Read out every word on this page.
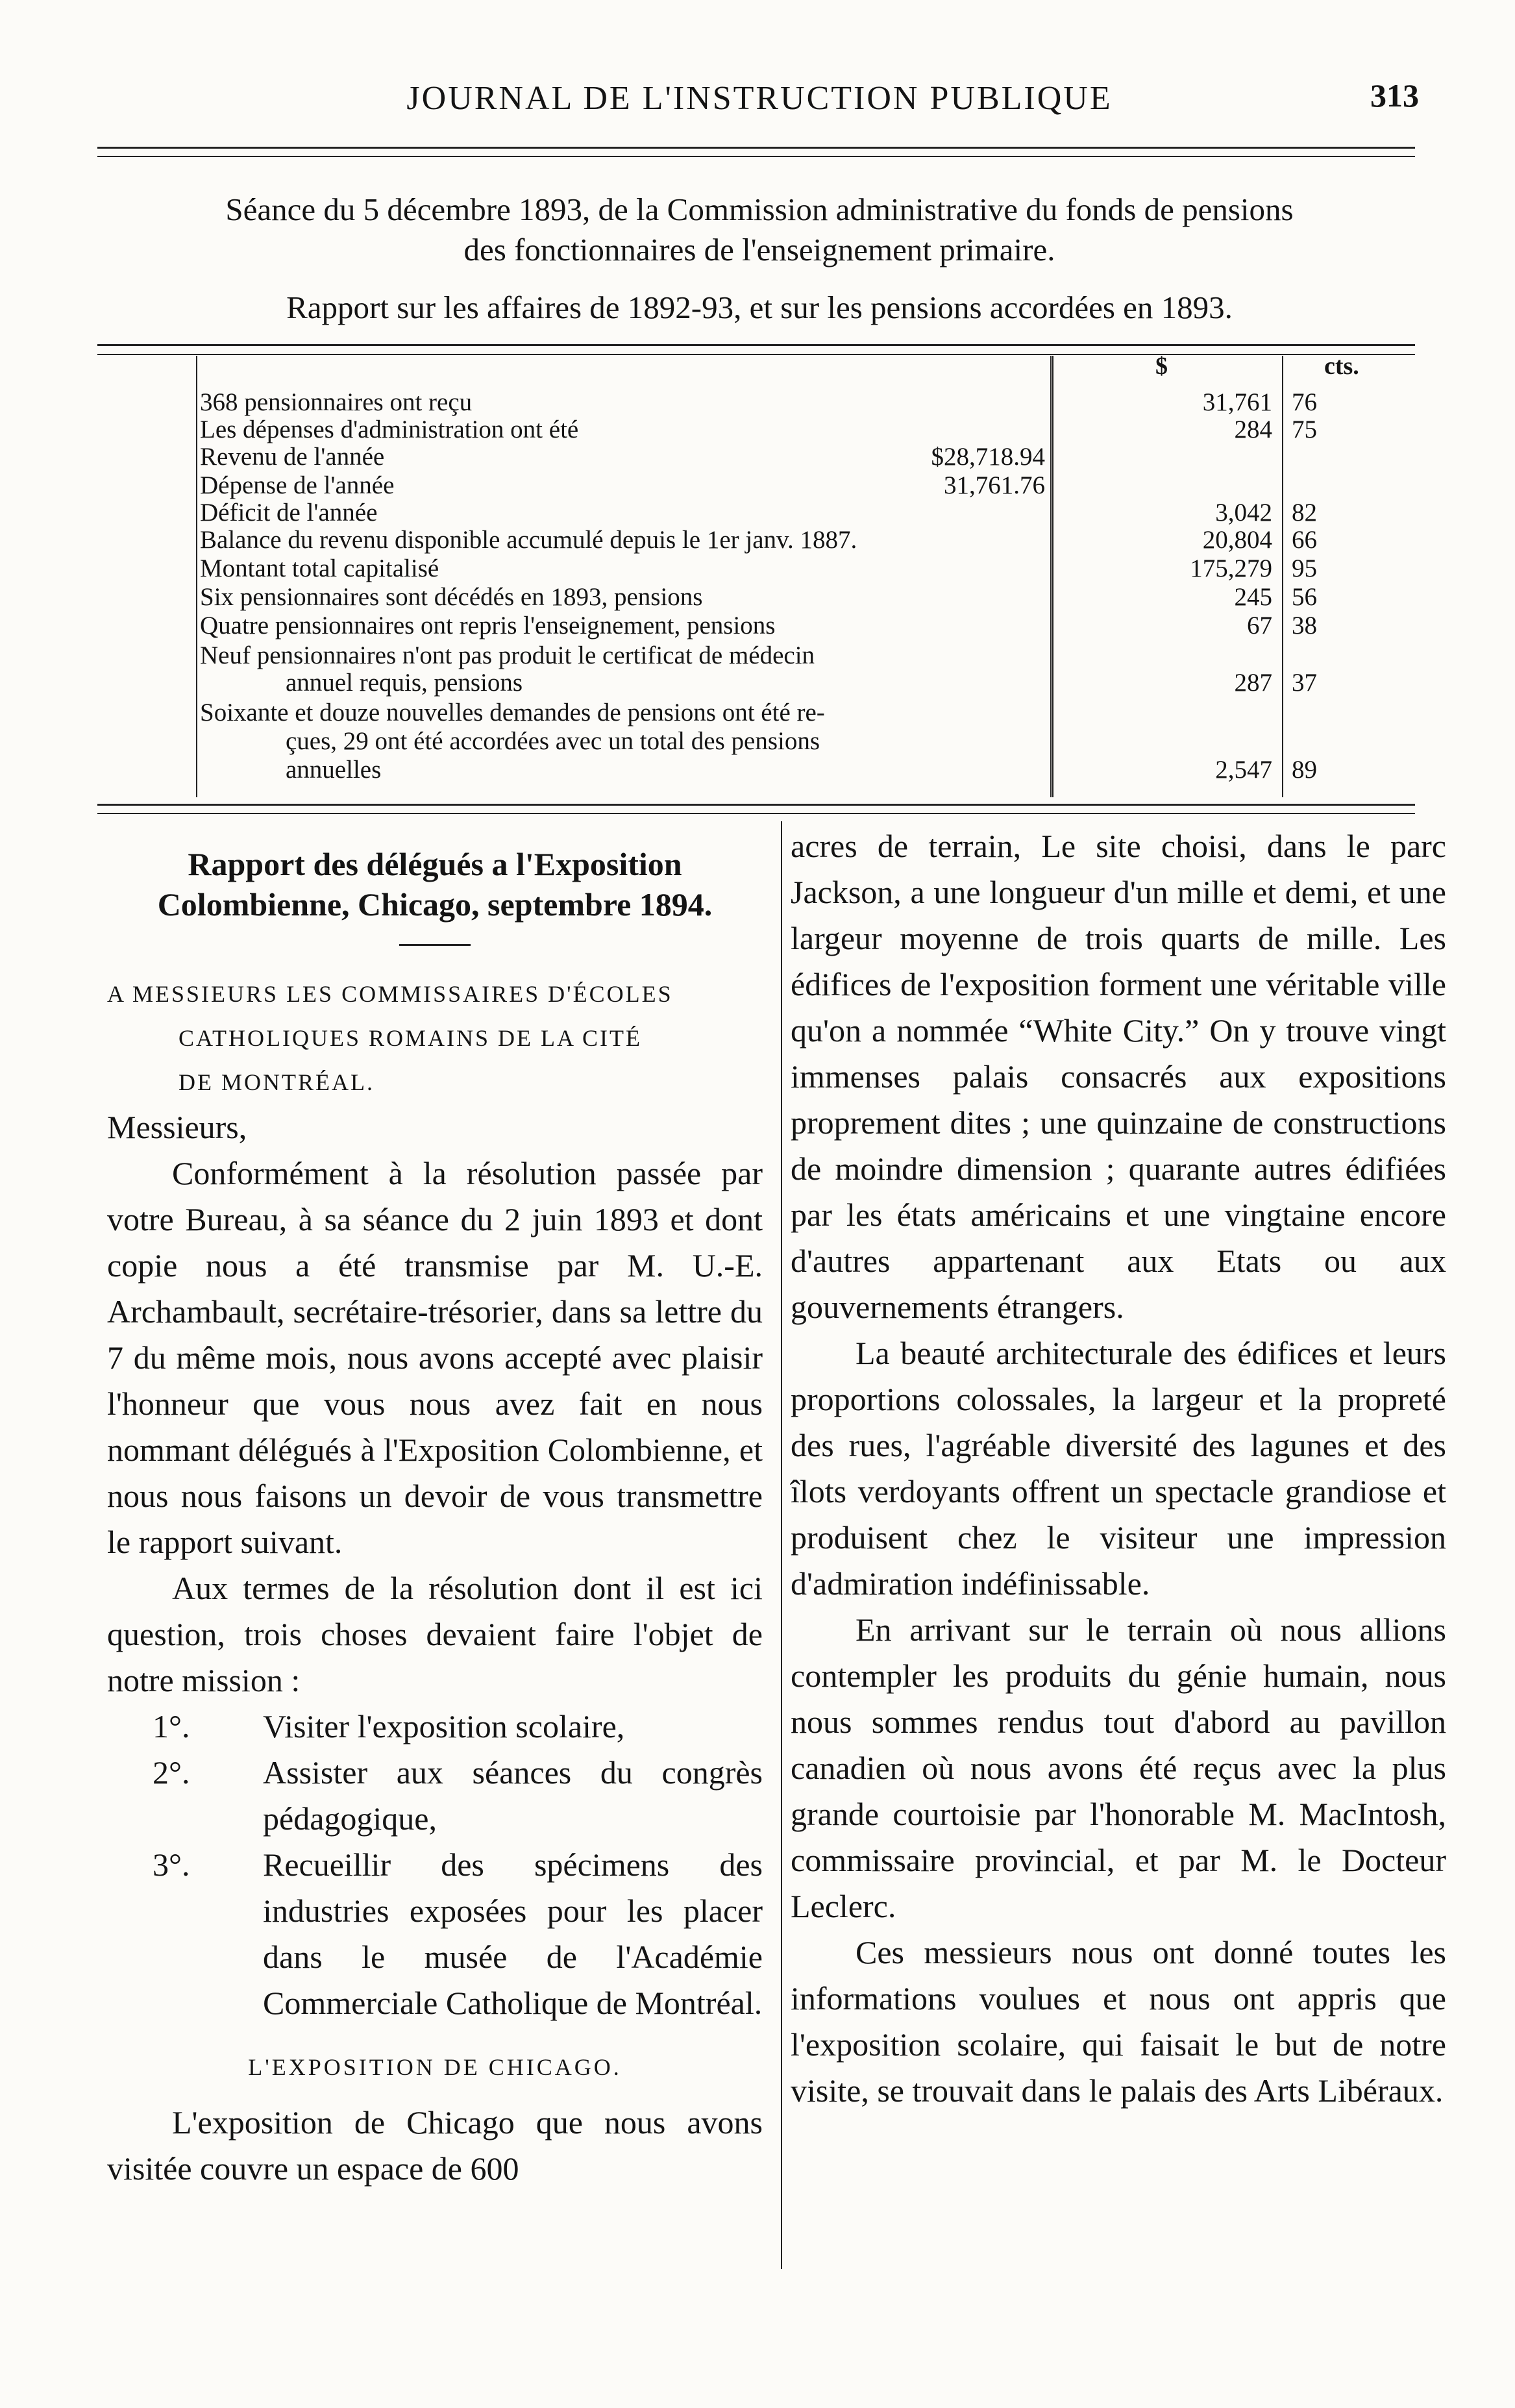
JOURNAL DE L'INSTRUCTION PUBLIQUE	313
Séance du 5 décembre 1893, de la Commission administrative du fonds de pensions
des fonctionnaires de l'enseignement primaire.
Rapport sur les affaires de 1892-93, et sur les pensions accordées en 1893.
$	cts.
368 pensionnaires ont reçu	31,761 76
Les dépenses d'administration ont été	284 75
Revenu de l'année	$28,718.94
Dépense de l'année	31,761.76
Déficit de l'année	3,042 82
Balance du revenu disponible accumulé depuis le 1er janv. 1887.	20,804 66
Montant total capitalisé	175,279 95
Six pensionnaires sont décédés en 1893, pensions	245 56
Quatre pensionnaires ont repris l'enseignement, pensions	67 38
Neuf pensionnaires n'ont pas produit le certificat de médecin
annuel requis, pensions	287 37
Soixante et douze nouvelles demandes de pensions ont été re-
çues, 29 ont été accordées avec un total des pensions
annuelles	2,547 89
Rapport des délégués a l'Exposition Colombienne, Chicago, septembre 1894.
A MESSIEURS LES COMMISSAIRES D'ÉCOLES
CATHOLIQUES ROMAINS DE LA CITÉ
DE MONTRÉAL.

Messieurs,

Conformément à la résolution passée par votre Bureau, à sa séance du 2 juin 1893 et dont copie nous a été transmise par M. U.-E. Archambault, secrétaire-trésorier, dans sa lettre du 7 du même mois, nous avons accepté avec plaisir l'honneur que vous nous avez fait en nous nommant délégués à l'Exposition Colombienne, et nous nous faisons un devoir de vous transmettre le rapport suivant.

Aux termes de la résolution dont il est ici question, trois choses devaient faire l'objet de notre mission :

1°. Visiter l'exposition scolaire,
2°. Assister aux séances du congrès pédagogique,
3°. Recueillir des spécimens des industries exposées pour les placer dans le musée de l'Académie Commerciale Catholique de Montréal.
L'EXPOSITION DE CHICAGO.

L'exposition de Chicago que nous avons visitée couvre un espace de 600

acres de terrain, Le site choisi, dans le parc Jackson, a une longueur d'un mille et demi, et une largeur moyenne de trois quarts de mille. Les édifices de l'exposition forment une véritable ville qu'on a nommée “White City.” On y trouve vingt immenses palais consacrés aux expositions proprement dites ; une quinzaine de constructions de moindre dimension ; quarante autres édifiées par les états américains et une vingtaine encore d'autres appartenant aux Etats ou aux gouvernements étrangers.

La beauté architecturale des édifices et leurs proportions colossales, la largeur et la propreté des rues, l'agréable diversité des lagunes et des îlots verdoyants offrent un spectacle grandiose et produisent chez le visiteur une impression d'admiration indéfinissable.

En arrivant sur le terrain où nous allions contempler les produits du génie humain, nous nous sommes rendus tout d'abord au pavillon canadien où nous avons été reçus avec la plus grande courtoisie par l'honorable M. MacIntosh, commissaire provincial, et par M. le Docteur Leclerc.

Ces messieurs nous ont donné toutes les informations voulues et nous ont appris que l'exposition scolaire, qui faisait le but de notre visite, se trouvait dans le palais des Arts Libéraux.
